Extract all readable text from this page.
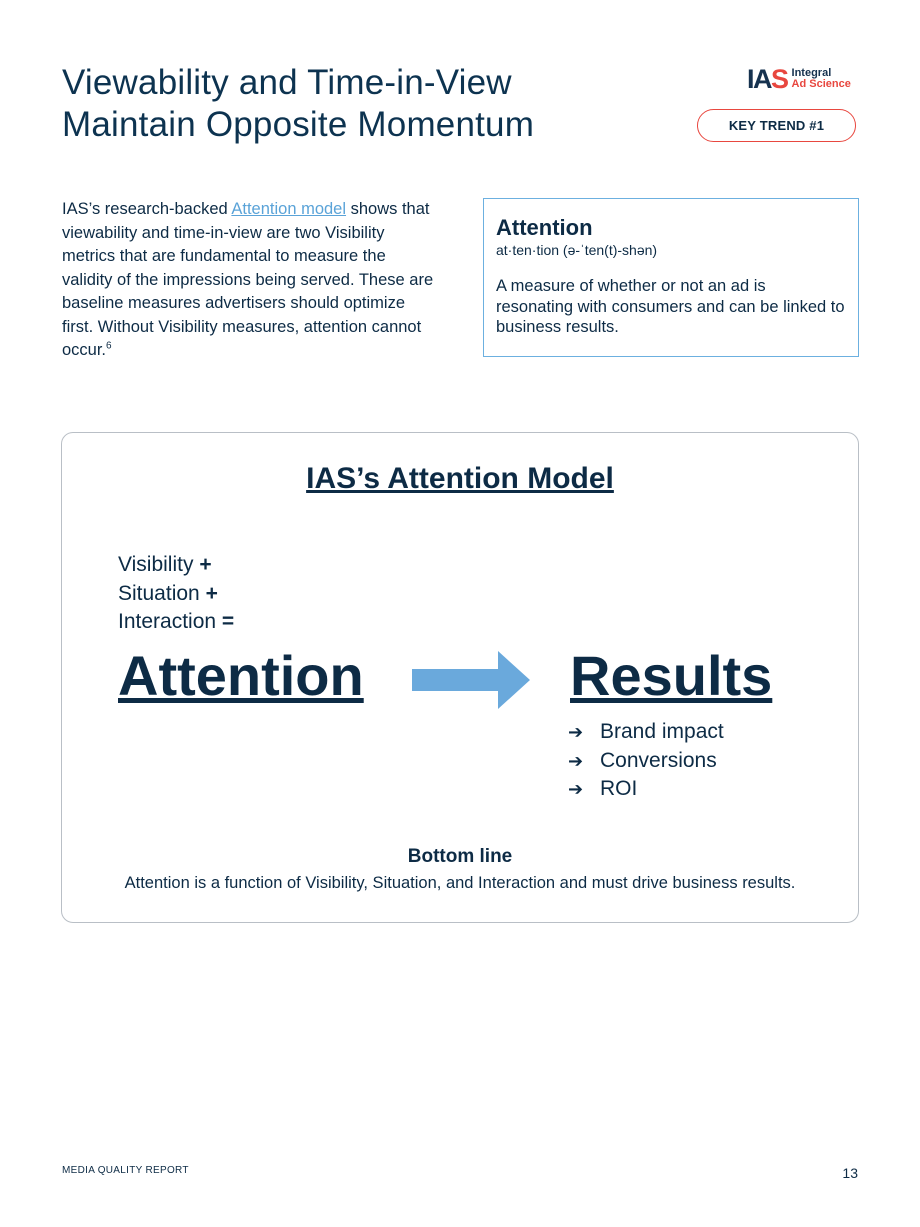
Viewability and Time-in-View
Maintain Opposite Momentum
IAS Integral
Ad Science
KEY TREND #1

IAS’s research-backed Attention model shows that viewability and time-in-view are two Visibility metrics that are fundamental to measure the validity of the impressions being served. These are baseline measures advertisers should optimize first. Without Visibility measures, attention cannot occur.$^6$

Attention
at·ten·tion (ə-ˈten(t)-shən)
A measure of whether or not an ad is resonating with consumers and can be linked to business results.
IAS’s Attention Model
Visibility +
Situation +
Interaction =
Attention	Results
➔ Brand impact
➔ Conversions
➔ ROI
Bottom line
Attention is a function of Visibility, Situation, and Interaction and must drive business results.
MEDIA QUALITY REPORT	13
